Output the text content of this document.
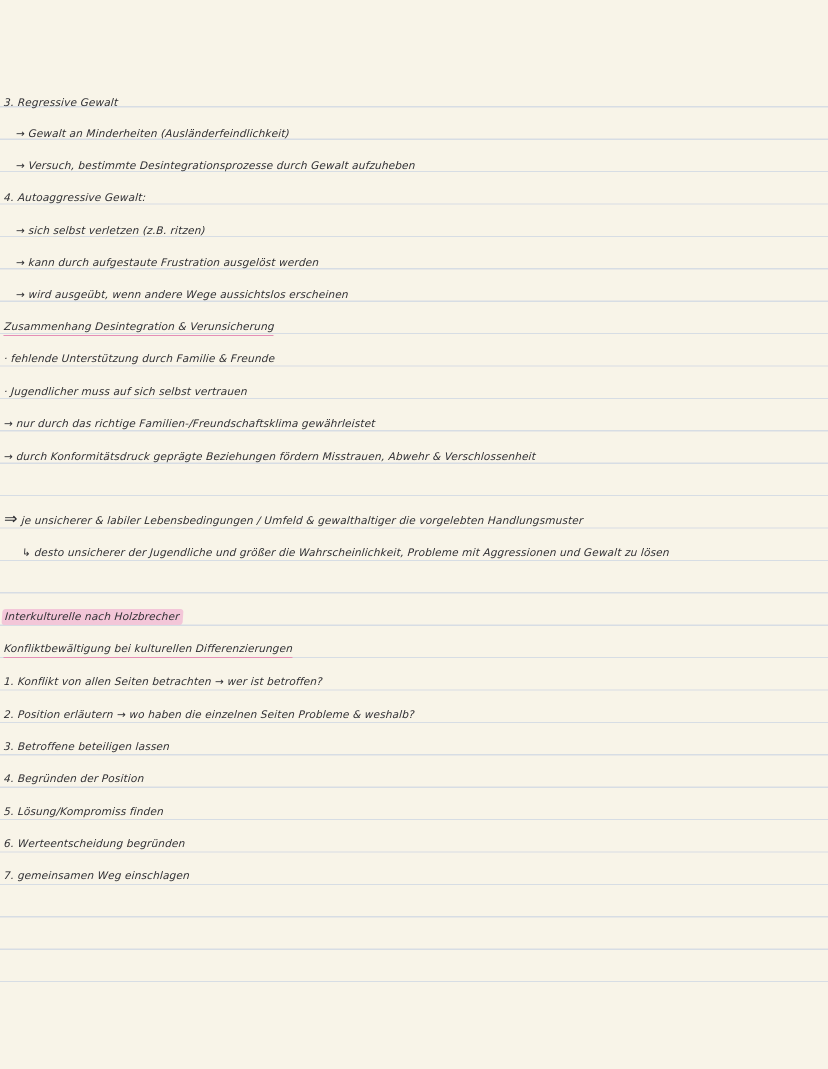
3. Regressive Gewalt
→ Gewalt an Minderheiten (Ausländerfeindlichkeit)
→ Versuch, bestimmte Desintegrationsprozesse durch Gewalt aufzuheben
4. Autoaggressive Gewalt:
→ sich selbst verletzen (z.B. ritzen)
→ kann durch aufgestaute Frustration ausgelöst werden
→ wird ausgeübt, wenn andere Wege aussichtslos erscheinen
Zusammenhang Desintegration & Verunsicherung
· fehlende Unterstützung durch Familie & Freunde
· Jugendlicher muss auf sich selbst vertrauen
→ nur durch das richtige Familien-/Freundschaftsklima gewährleistet
→ durch Konformitätsdruck geprägte Beziehungen fördern Misstrauen, Abwehr & Verschlossenheit
⇒ je unsicherer & labiler Lebensbedingungen / Umfeld & gewalthaltiger die vorgelebten Handlungsmuster
↳ desto unsicherer der Jugendliche und größer die Wahrscheinlichkeit, Probleme mit Aggressionen und Gewalt zu lösen
Interkulturelle nach Holzbrecher
Konfliktbewältigung bei kulturellen Differenzierungen
1. Konflikt von allen Seiten betrachten → wer ist betroffen?
2. Position erläutern → wo haben die einzelnen Seiten Probleme & weshalb?
3. Betroffene beteiligen lassen
4. Begründen der Position
5. Lösung/Kompromiss finden
6. Werteentscheidung begründen
7. gemeinsamen Weg einschlagen
